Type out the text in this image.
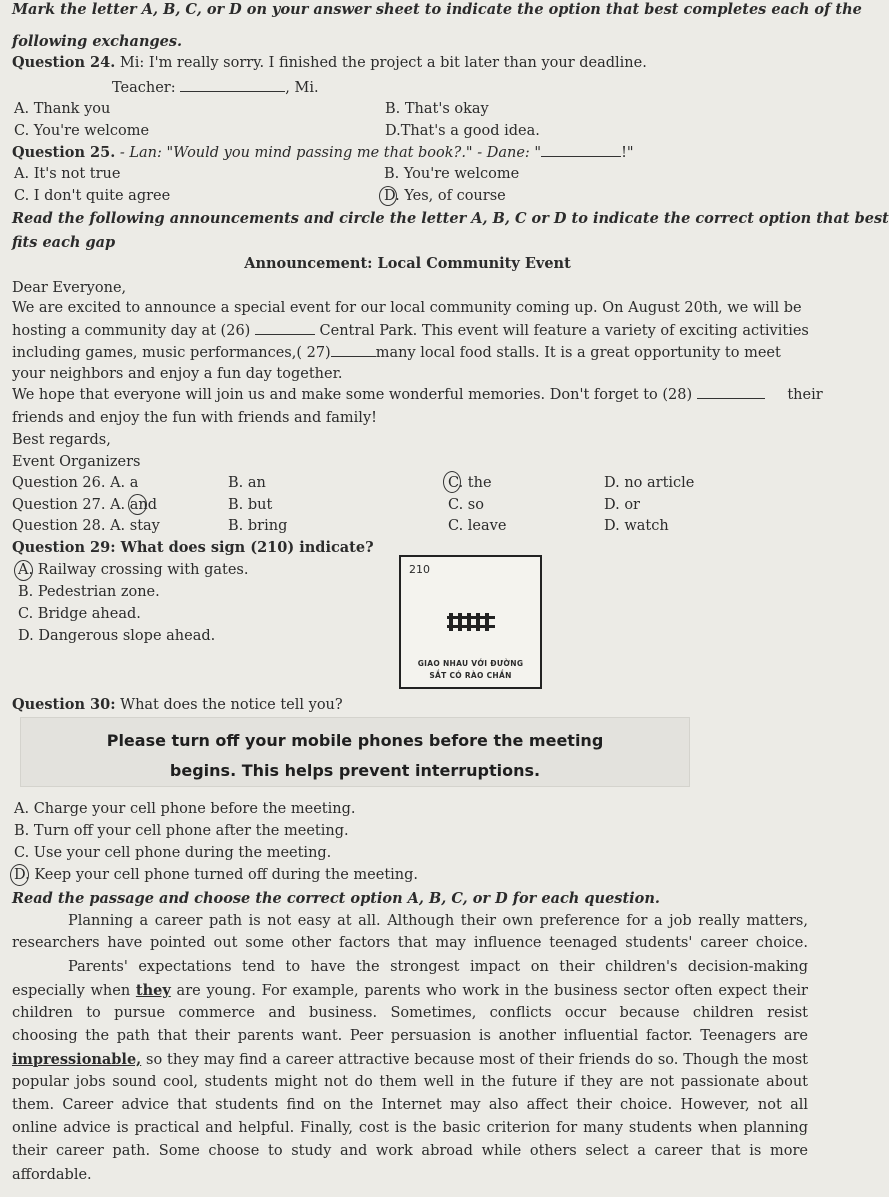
Mark the letter A, B, C, or D on your answer sheet to indicate the option that best completes each of the
following exchanges.
Question 24. Mi: I'm really sorry. I finished the project a bit later than your deadline.
Teacher:	, Mi.
A. Thank you	B. That's okay
C. You're welcome	D.That's a good idea.
Question 25. - Lan: "Would you mind passing me that book?." - Dane: "	!"
A. It's not true	B. You're welcome
C. I don't quite agree	D. Yes, of course
Read the following announcements and circle the letter A, B, C or D to indicate the correct option that best
fits each gap
Announcement: Local Community Event
Dear Everyone,
We are excited to announce a special event for our local community coming up. On August 20th, we will be
hosting a community day at (26)	Central Park. This event will feature a variety of exciting activities
including games, music performances,( 27)	many local food stalls. It is a great opportunity to meet
your neighbors and enjoy a fun day together.
We hope that everyone will join us and make some wonderful memories. Don't forget to (28)	their
friends and enjoy the fun with friends and family!
Best regards,
Event Organizers
Question 26. A. a	B. an	C. the	D. no article
Question 27. A. and	B. but	C. so	D. or
Question 28. A. stay	B. bring	C. leave	D. watch
Question 29: What does sign (210) indicate?
A. Railway crossing with gates.
B. Pedestrian zone.
C. Bridge ahead.
D. Dangerous slope ahead.
210
GIAO NHAU VỚI ĐƯỜNG
SẮT CÓ RÀO CHẮN
Question 30: What does the notice tell you?
Please turn off your mobile phones before the meeting
begins. This helps prevent interruptions.
A. Charge your cell phone before the meeting.
B. Turn off your cell phone after the meeting.
C. Use your cell phone during the meeting.
D. Keep your cell phone turned off during the meeting.
Read the passage and choose the correct option A, B, C, or D for each question.
Planning a career path is not easy at all. Although their own preference for a job really matters,
researchers have pointed out some other factors that may influence teenaged students' career choice.
Parents' expectations tend to have the strongest impact on their children's decision-making
especially when they are young. For example, parents who work in the business sector often expect their
children to pursue commerce and business. Sometimes, conflicts occur because children resist
choosing the path that their parents want. Peer persuasion is another influential factor. Teenagers are
impressionable, so they may find a career attractive because most of their friends do so. Though the most
popular jobs sound cool, students might not do them well in the future if they are not passionate about
them. Career advice that students find on the Internet may also affect their choice. However, not all
online advice is practical and helpful. Finally, cost is the basic criterion for many students when planning
their career path. Some choose to study and work abroad while others select a career that is more
affordable.
